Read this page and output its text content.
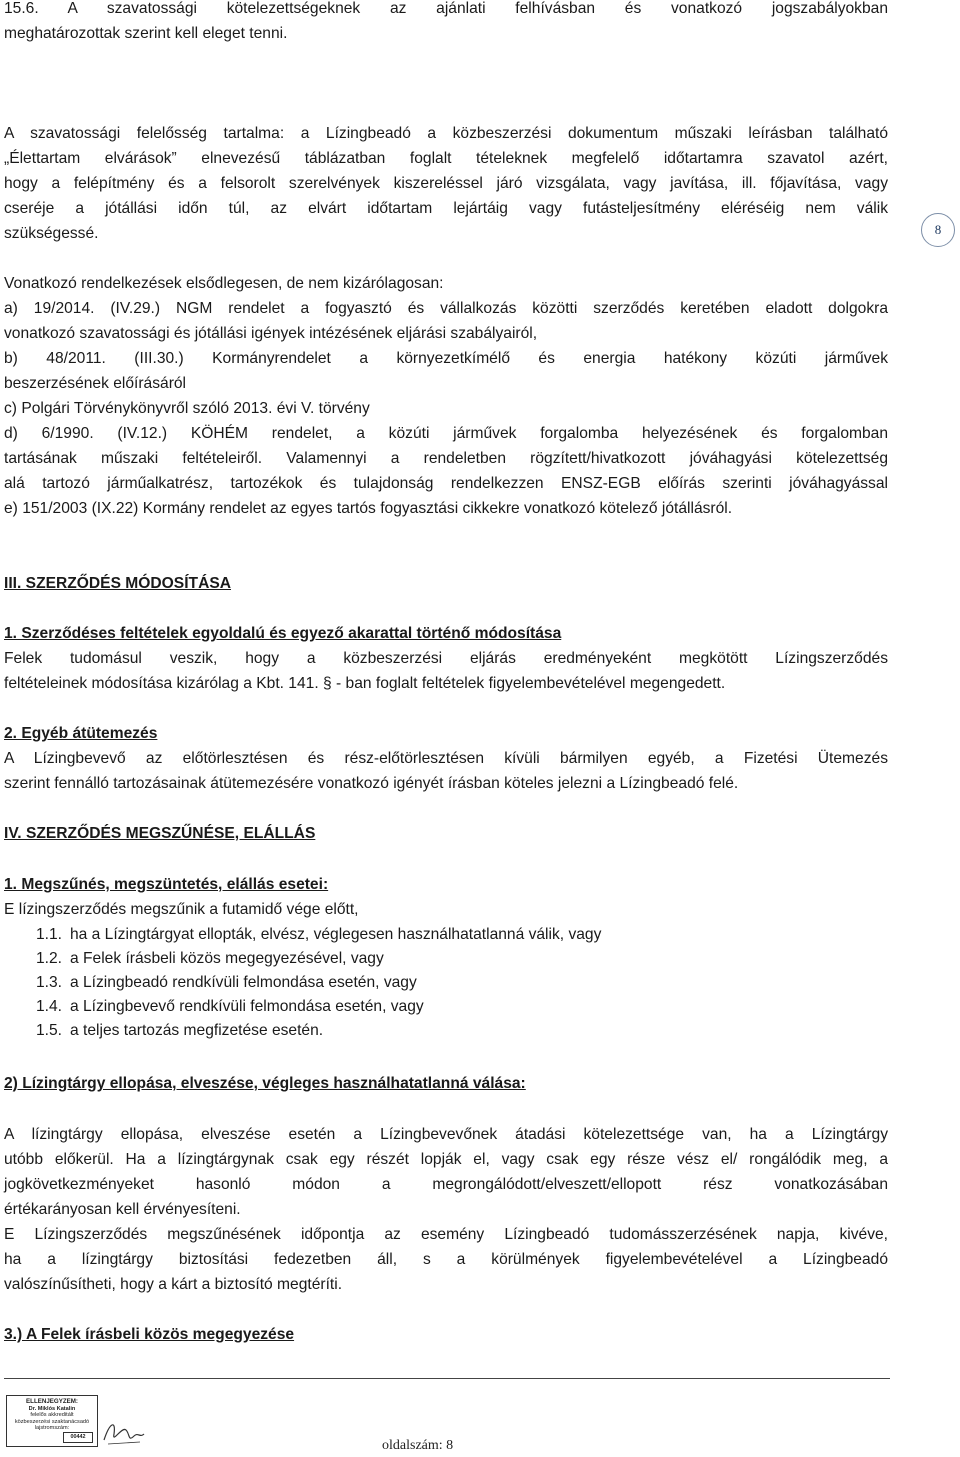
15.6. A szavatossági kötelezettségeknek az ajánlati felhívásban és vonatkozó jogszabályokban
meghatározottak szerint kell eleget tenni.
A szavatossági felelősség tartalma: a Lízingbeadó a közbeszerzési dokumentum műszaki leírásban található
„Élettartam elvárások” elnevezésű táblázatban foglalt tételeknek megfelelő időtartamra szavatol azért,
hogy a felépítmény és a felsorolt szerelvények kiszereléssel járó vizsgálata, vagy javítása, ill. főjavítása, vagy
cseréje a jótállási időn túl, az elvárt időtartam lejártáig vagy futásteljesítmény eléréséig nem válik
szükségessé.	8
Vonatkozó rendelkezések elsődlegesen, de nem kizárólagosan:
a) 19/2014. (IV.29.) NGM rendelet a fogyasztó és vállalkozás közötti szerződés keretében eladott dolgokra
vonatkozó szavatossági és jótállási igények intézésének eljárási szabályairól,
b) 48/2011. (III.30.) Kormányrendelet a környezetkímélő és energia hatékony közúti járművek
beszerzésének előírásáról
c) Polgári Törvénykönyvről szóló 2013. évi V. törvény
d) 6/1990. (IV.12.) KÖHÉM rendelet, a közúti járművek forgalomba helyezésének és forgalomban
tartásának műszaki feltételeiről. Valamennyi a rendeletben rögzített/hivatkozott jóváhagyási kötelezettség
alá tartozó járműalkatrész, tartozékok és tulajdonság rendelkezzen ENSZ-EGB előírás szerinti jóváhagyással
e) 151/2003 (IX.22) Kormány rendelet az egyes tartós fogyasztási cikkekre vonatkozó kötelező jótállásról.
III. SZERZŐDÉS MÓDOSÍTÁSA
1. Szerződéses feltételek egyoldalú és egyező akarattal történő módosítása
Felek tudomásul veszik, hogy a közbeszerzési eljárás eredményeként megkötött Lízingszerződés
feltételeinek módosítása kizárólag a Kbt. 141. § - ban foglalt feltételek figyelembevételével megengedett.
2. Egyéb átütemezés
A Lízingbevevő az előtörlesztésen és rész-előtörlesztésen kívüli bármilyen egyéb, a Fizetési Ütemezés
szerint fennálló tartozásainak átütemezésére vonatkozó igényét írásban köteles jelezni a Lízingbeadó felé.
IV. SZERZŐDÉS MEGSZŰNÉSE, ELÁLLÁS
1. Megszűnés, megszüntetés, elállás esetei:
E lízingszerződés megszűnik a futamidő vége előtt,
1.1. ha a Lízingtárgyat ellopták, elvész, véglegesen használhatatlanná válik, vagy
1.2. a Felek írásbeli közös megegyezésével, vagy
1.3. a Lízingbeadó rendkívüli felmondása esetén, vagy
1.4. a Lízingbevevő rendkívüli felmondása esetén, vagy
1.5. a teljes tartozás megfizetése esetén.
2) Lízingtárgy ellopása, elveszése, végleges használhatatlanná válása:
A lízingtárgy ellopása, elveszése esetén a Lízingbevevőnek átadási kötelezettsége van, ha a Lízingtárgy
utóbb előkerül. Ha a lízingtárgynak csak egy részét lopják el, vagy csak egy része vész el/ rongálódik meg, a
jogkövetkezményeket hasonló módon a megrongálódott/elveszett/ellopott rész vonatkozásában
értékarányosan kell érvényesíteni.
E Lízingszerződés megszűnésének időpontja az esemény Lízingbeadó tudomásszerzésének napja, kivéve,
ha a lízingtárgy biztosítási fedezetben áll, s a körülmények figyelembevételével a Lízingbeadó
valószínűsítheti, hogy a kárt a biztosító megtéríti.
3.) A Felek írásbeli közös megegyezése
ELLENJEGYZEM:
Dr. Miklós Katalin
felelős akkreditált
közbeszerzési szaktanácsadó
lajstromszám:
00442
oldalszám: 8
